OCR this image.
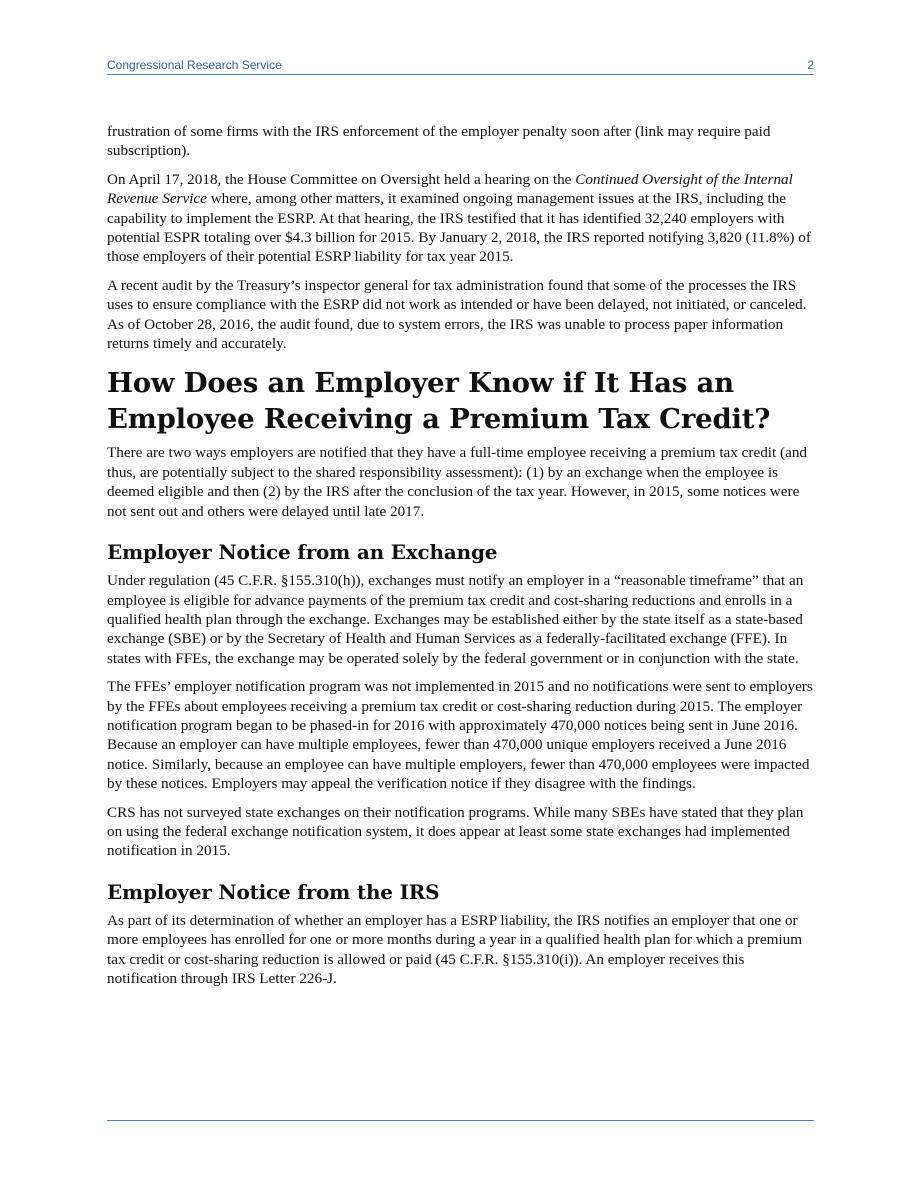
Congressional Research Service	2

frustration of some firms with the IRS enforcement of the employer penalty soon after (link may require paid subscription).

On April 17, 2018, the House Committee on Oversight held a hearing on the Continued Oversight of the Internal Revenue Service where, among other matters, it examined ongoing management issues at the IRS, including the capability to implement the ESRP. At that hearing, the IRS testified that it has identified 32,240 employers with potential ESPR totaling over $4.3 billion for 2015. By January 2, 2018, the IRS reported notifying 3,820 (11.8%) of those employers of their potential ESRP liability for tax year 2015.

A recent audit by the Treasury’s inspector general for tax administration found that some of the processes the IRS uses to ensure compliance with the ESRP did not work as intended or have been delayed, not initiated, or canceled. As of October 28, 2016, the audit found, due to system errors, the IRS was unable to process paper information returns timely and accurately.

How Does an Employer Know if It Has an Employee Receiving a Premium Tax Credit?

There are two ways employers are notified that they have a full-time employee receiving a premium tax credit (and thus, are potentially subject to the shared responsibility assessment): (1) by an exchange when the employee is deemed eligible and then (2) by the IRS after the conclusion of the tax year. However, in 2015, some notices were not sent out and others were delayed until late 2017.

Employer Notice from an Exchange

Under regulation (45 C.F.R. §155.310(h)), exchanges must notify an employer in a “reasonable timeframe” that an employee is eligible for advance payments of the premium tax credit and cost-sharing reductions and enrolls in a qualified health plan through the exchange. Exchanges may be established either by the state itself as a state-based exchange (SBE) or by the Secretary of Health and Human Services as a federally-facilitated exchange (FFE). In states with FFEs, the exchange may be operated solely by the federal government or in conjunction with the state.

The FFEs’ employer notification program was not implemented in 2015 and no notifications were sent to employers by the FFEs about employees receiving a premium tax credit or cost-sharing reduction during 2015. The employer notification program began to be phased-in for 2016 with approximately 470,000 notices being sent in June 2016. Because an employer can have multiple employees, fewer than 470,000 unique employers received a June 2016 notice. Similarly, because an employee can have multiple employers, fewer than 470,000 employees were impacted by these notices. Employers may appeal the verification notice if they disagree with the findings.

CRS has not surveyed state exchanges on their notification programs. While many SBEs have stated that they plan on using the federal exchange notification system, it does appear at least some state exchanges had implemented notification in 2015.

Employer Notice from the IRS

As part of its determination of whether an employer has a ESRP liability, the IRS notifies an employer that one or more employees has enrolled for one or more months during a year in a qualified health plan for which a premium tax credit or cost-sharing reduction is allowed or paid (45 C.F.R. §155.310(i)). An employer receives this notification through IRS Letter 226-J.
